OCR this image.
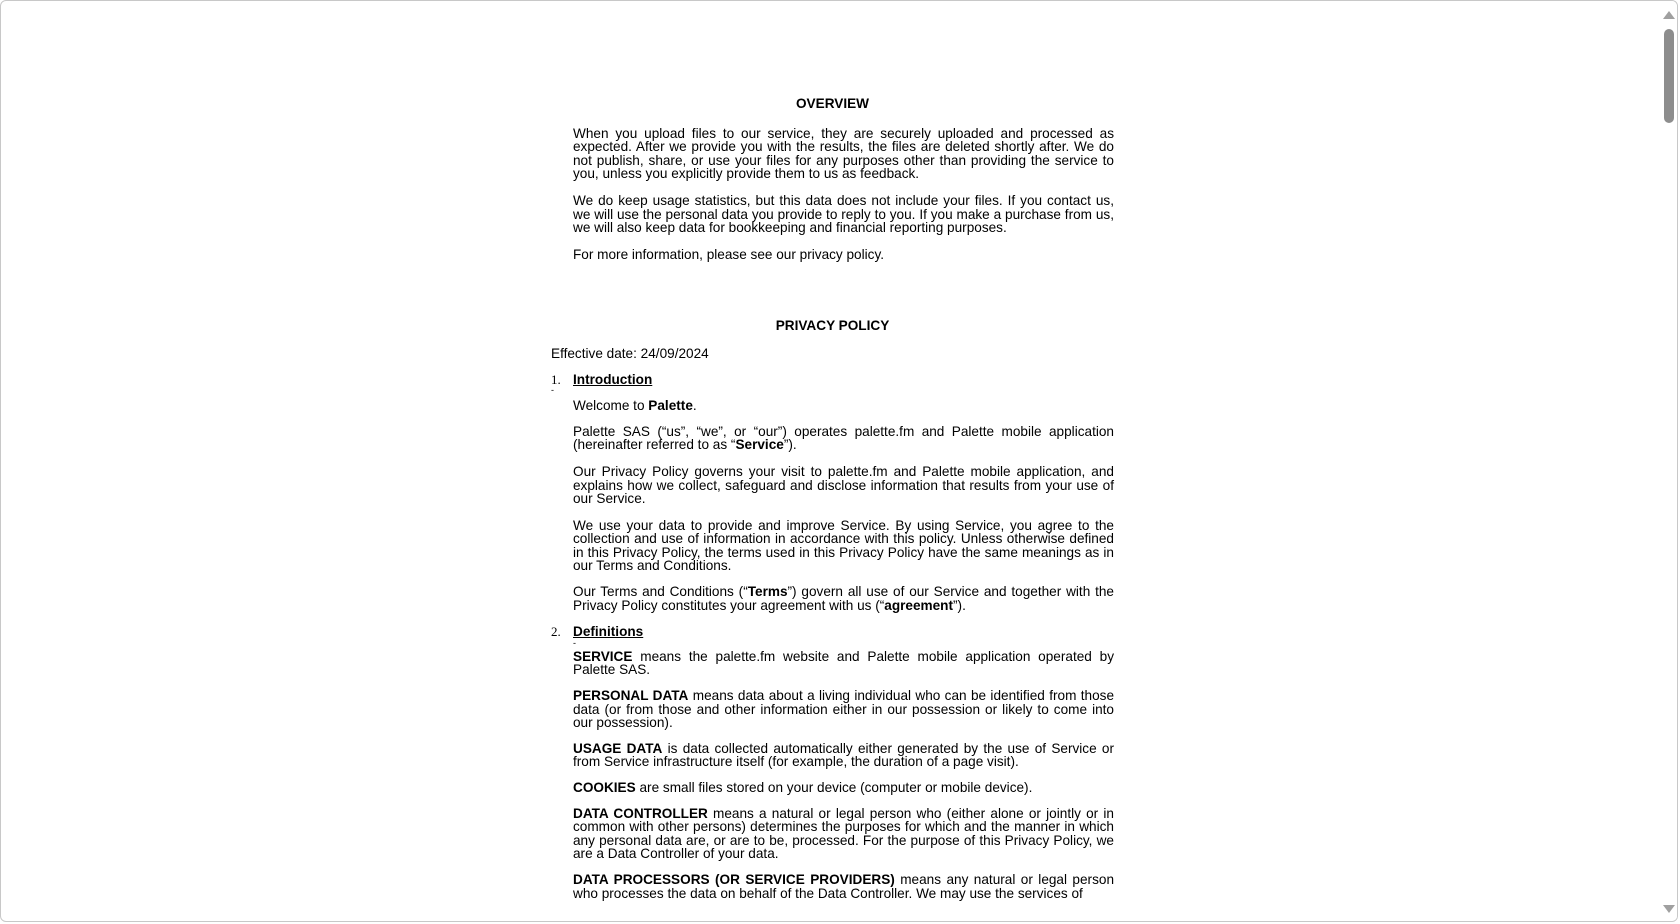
OVERVIEW

When you upload files to our service, they are securely uploaded and processed as expected. After we provide you with the results, the files are deleted shortly after. We do not publish, share, or use your files for any purposes other than providing the service to you, unless you explicitly provide them to us as feedback.

We do keep usage statistics, but this data does not include your files. If you contact us, we will use the personal data you provide to reply to you. If you make a purchase from us, we will also keep data for bookkeeping and financial reporting purposes.

For more information, please see our privacy policy.

PRIVACY POLICY

Effective date: 24/09/2024

1. Introduction

-

Welcome to Palette.

Palette SAS (“us”, “we”, or “our”) operates palette.fm and Palette mobile application (hereinafter referred to as “Service”).

Our Privacy Policy governs your visit to palette.fm and Palette mobile application, and explains how we collect, safeguard and disclose information that results from your use of our Service.

We use your data to provide and improve Service. By using Service, you agree to the collection and use of information in accordance with this policy. Unless otherwise defined in this Privacy Policy, the terms used in this Privacy Policy have the same meanings as in our Terms and Conditions.

Our Terms and Conditions (“Terms”) govern all use of our Service and together with the Privacy Policy constitutes your agreement with us (“agreement”).

2. Definitions

-

SERVICE means the palette.fm website and Palette mobile application operated by Palette SAS.

PERSONAL DATA means data about a living individual who can be identified from those data (or from those and other information either in our possession or likely to come into our possession).

USAGE DATA is data collected automatically either generated by the use of Service or from Service infrastructure itself (for example, the duration of a page visit).

COOKIES are small files stored on your device (computer or mobile device).

DATA CONTROLLER means a natural or legal person who (either alone or jointly or in common with other persons) determines the purposes for which and the manner in which any personal data are, or are to be, processed. For the purpose of this Privacy Policy, we are a Data Controller of your data.

DATA PROCESSORS (OR SERVICE PROVIDERS) means any natural or legal person who processes the data on behalf of the Data Controller. We may use the services of
